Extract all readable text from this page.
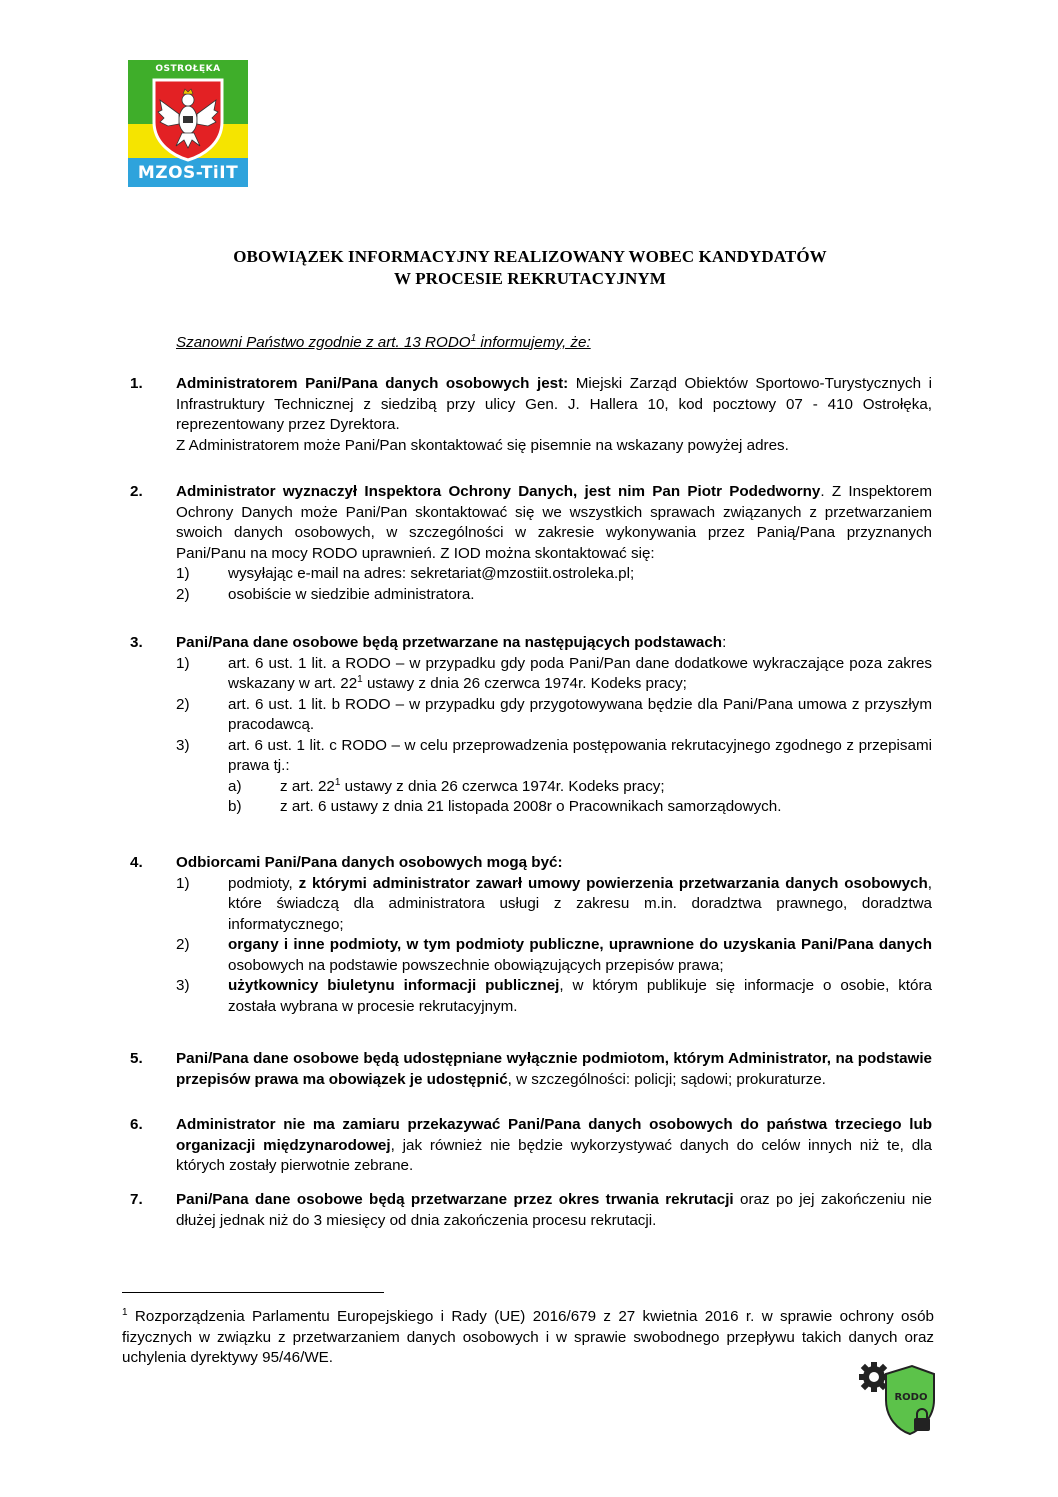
OSTROŁĘKA
MZOS-TiIT
OBOWIĄZEK INFORMACYJNY REALIZOWANY WOBEC KANDYDATÓW
W PROCESIE REKRUTACYJNYM
Szanowni Państwo zgodnie z art. 13 RODO$^1$ informujemy, że:
1. Administratorem Pani/Pana danych osobowych jest: Miejski Zarząd Obiektów Sportowo-Turystycznych i Infrastruktury Technicznej z siedzibą przy ulicy Gen. J. Hallera 10, kod pocztowy 07 - 410 Ostrołęka, reprezentowany przez Dyrektora.
Z Administratorem może Pani/Pan skontaktować się pisemnie na wskazany powyżej adres.
2. Administrator wyznaczył Inspektora Ochrony Danych, jest nim Pan Piotr Podedworny. Z Inspektorem Ochrony Danych może Pani/Pan skontaktować się we wszystkich sprawach związanych z przetwarzaniem swoich danych osobowych, w szczególności w zakresie wykonywania przez Panią/Pana przyznanych Pani/Panu na mocy RODO uprawnień. Z IOD można skontaktować się:
1)	wysyłając e-mail na adres: sekretariat@mzostiit.ostroleka.pl;
2)	osobiście w siedzibie administratora.
3. Pani/Pana dane osobowe będą przetwarzane na następujących podstawach:
1)	art. 6 ust. 1 lit. a RODO – w przypadku gdy poda Pani/Pan dane dodatkowe wykraczające poza zakres wskazany w art. $22^1$ ustawy z dnia 26 czerwca 1974r. Kodeks pracy;
2)	art. 6 ust. 1 lit. b RODO – w przypadku gdy przygotowywana będzie dla Pani/Pana umowa z przyszłym pracodawcą.
3)	art. 6 ust. 1 lit. c RODO – w celu przeprowadzenia postępowania rekrutacyjnego zgodnego z przepisami prawa tj.:
a)	z art. $22^1$ ustawy z dnia 26 czerwca 1974r. Kodeks pracy;
b)	z art. 6 ustawy z dnia 21 listopada 2008r o Pracownikach samorządowych.
4. Odbiorcami Pani/Pana danych osobowych mogą być:
1)	podmioty, z którymi administrator zawarł umowy powierzenia przetwarzania danych osobowych, które świadczą dla administratora usługi z zakresu m.in. doradztwa prawnego, doradztwa informatycznego;
2)	organy i inne podmioty, w tym podmioty publiczne, uprawnione do uzyskania Pani/Pana danych osobowych na podstawie powszechnie obowiązujących przepisów prawa;
3)	użytkownicy biuletynu informacji publicznej, w którym publikuje się informacje o osobie, która została wybrana w procesie rekrutacyjnym.
5. Pani/Pana dane osobowe będą udostępniane wyłącznie podmiotom, którym Administrator, na podstawie przepisów prawa ma obowiązek je udostępnić, w szczególności: policji; sądowi; prokuraturze.
6. Administrator nie ma zamiaru przekazywać Pani/Pana danych osobowych do państwa trzeciego lub organizacji międzynarodowej, jak również nie będzie wykorzystywać danych do celów innych niż te, dla których zostały pierwotnie zebrane.
7. Pani/Pana dane osobowe będą przetwarzane przez okres trwania rekrutacji oraz po jej zakończeniu nie dłużej jednak niż do 3 miesięcy od dnia zakończenia procesu rekrutacji.
$^1$ Rozporządzenia Parlamentu Europejskiego i Rady (UE) 2016/679 z 27 kwietnia 2016 r. w sprawie ochrony osób fizycznych w związku z przetwarzaniem danych osobowych i w sprawie swobodnego przepływu takich danych oraz uchylenia dyrektywy 95/46/WE.
RODO
